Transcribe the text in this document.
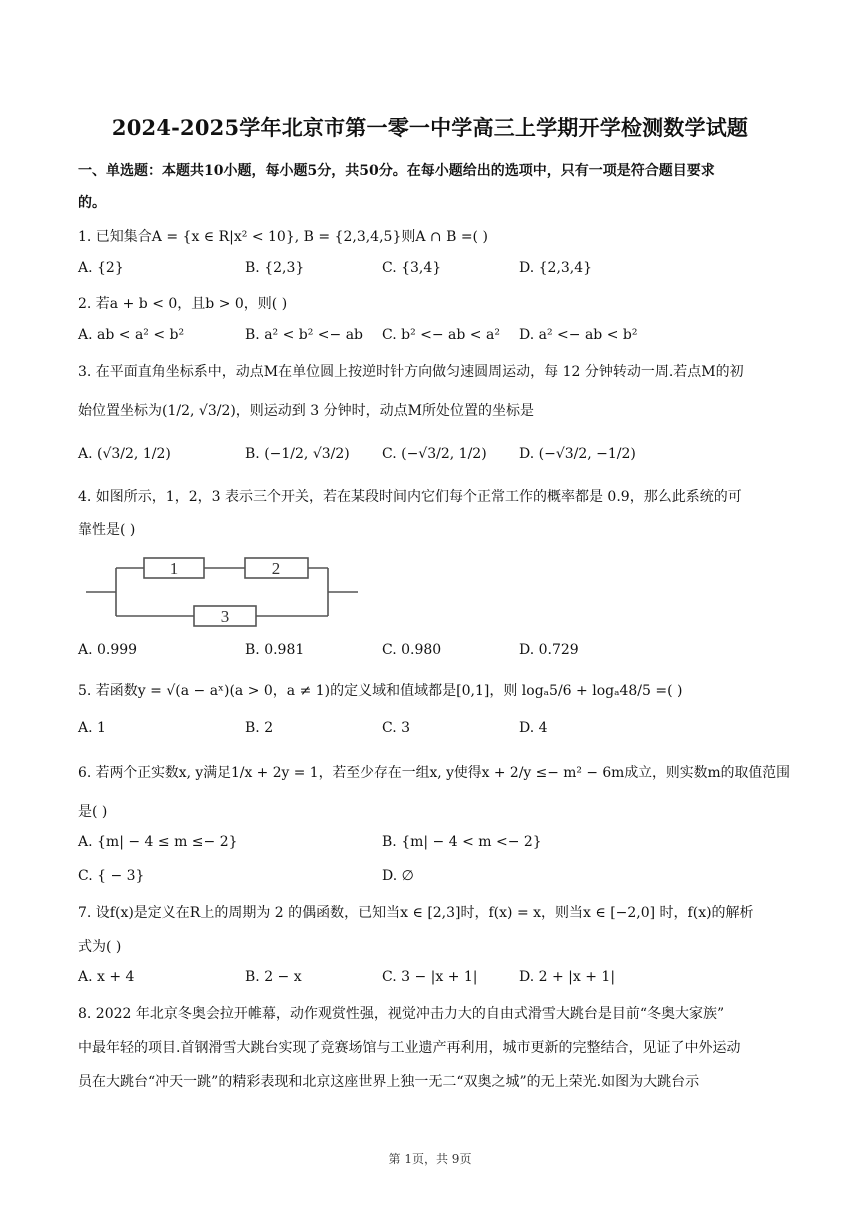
2024-2025学年北京市第一零一中学高三上学期开学检测数学试题
一、单选题：本题共10小题，每小题5分，共50分。在每小题给出的选项中，只有一项是符合题目要求
的。
1. 已知集合A = {x ∈ R|x² < 10}, B = {2,3,4,5}则A ∩ B =( )
A. {2}	B. {2,3}	C. {3,4}	D. {2,3,4}
2. 若a + b < 0，且b > 0，则( )
A. ab < a² < b²	B. a² < b² <− ab C. b² <− ab < a² D. a² <− ab < b²
3. 在平面直角坐标系中，动点M在单位圆上按逆时针方向做匀速圆周运动，每 12 分钟转动一周.若点M的初
始位置坐标为(1/2, √3/2)，则运动到 3 分钟时，动点M所处位置的坐标是
A. (√3/2, 1/2)	B. (−1/2, √3/2) C. (−√3/2, 1/2) D. (−√3/2, −1/2)
4. 如图所示，1，2，3 表示三个开关，若在某段时间内它们每个正常工作的概率都是 0.9，那么此系统的可
靠性是( )
1	2
3
A. 0.999	B. 0.981	C. 0.980	D. 0.729
5. 若函数y = √(a − aˣ)(a > 0，a ≠ 1)的定义域和值域都是[0,1]，则 logₐ5/6 + logₐ48/5 =( )
A. 1	B. 2	C. 3	D. 4
6. 若两个正实数x, y满足1/x + 2y = 1，若至少存在一组x, y使得x + 2/y ≤− m² − 6m成立，则实数m的取值范围
是( )
A. {m| − 4 ≤ m ≤− 2}	B. {m| − 4 < m <− 2}
C. { − 3}	D. ∅
7. 设f(x)是定义在R上的周期为 2 的偶函数，已知当x ∈ [2,3]时，f(x) = x，则当x ∈ [−2,0] 时，f(x)的解析
式为( )
A. x + 4	B. 2 − x	C. 3 − |x + 1|	D. 2 + |x + 1|
8. 2022 年北京冬奥会拉开帷幕，动作观赏性强，视觉冲击力大的自由式滑雪大跳台是目前“冬奥大家族”
中最年轻的项目.首钢滑雪大跳台实现了竞赛场馆与工业遗产再利用，城市更新的完整结合，见证了中外运动
员在大跳台“冲天一跳”的精彩表现和北京这座世界上独一无二“双奥之城”的无上荣光.如图为大跳台示
第 1页，共 9页
